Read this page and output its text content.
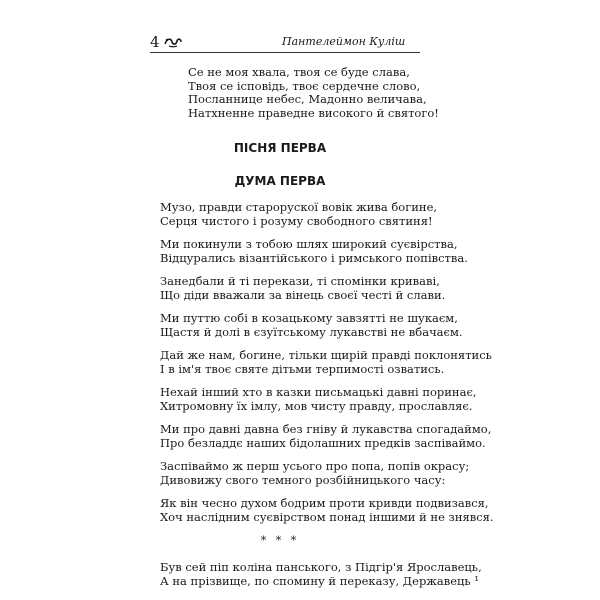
4	Пантелеймон Куліш
Се не моя хвала, твоя се буде слава,
Твоя се ісповідь, твоє сердечне слово,
Посланнице небес, Мадонно величава,
Натхненне праведне високого й святого!
ПІСНЯ ПЕРВА
ДУМА ПЕРВА
Музо, правди старорускої вовік жива богине,
Серця чистого і розуму свободного святиня!
Ми покинули з тобою шлях широкий суєвірства,
Відцурались візантійського і римського попівства.
Занедбали й ті перекази, ті спомінки криваві,
Що діди вважали за вінець своєї честі й слави.
Ми путтю собі в козацькому завзятті не шукаєм,
Щастя й долі в єзуїтському лукавстві не вбачаєм.
Дай же нам, богине, тільки щирій правді поклонятись
І в ім'я твоє святе дітьми терпимості озватись.
Нехай інший хто в казки письмацькі давні поринає,
Хитромовну їх імлу, мов чисту правду, прославляє.
Ми про давні давна без гніву й лукавства спогадаймо,
Про безладдє наших бідолашних предків заспіваймо.
Заспіваймо ж перш усього про попа, попів окрасу;
Дивовижу свого темного розбійницького часу:
Як він чесно духом бодрим проти кривди подвизався,
Хоч наслідним суєвірством понад іншими й не знявся.
* * *
Був сей піп коліна панського, з Підгір'я Ярославець,
А на прізвище, по спомину й переказу, Державець ¹
